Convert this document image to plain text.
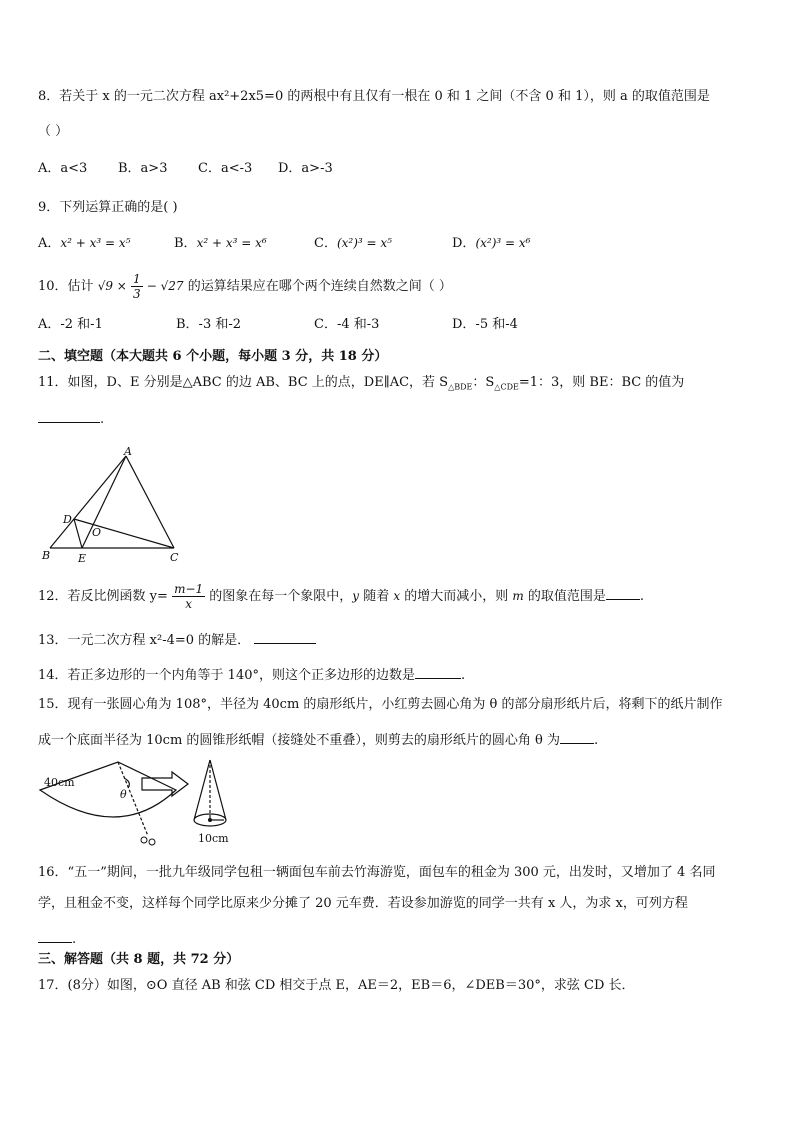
8．若关于 x 的一元二次方程 ax²+2x5=0 的两根中有且仅有一根在 0 和 1 之间（不含 0 和 1），则 a 的取值范围是
（ ）
A．a<3 B．a>3 C．a<-3 D．a>-3
9．下列运算正确的是( )
A．x² + x³ = x⁵	B．x² + x³ = x⁶	C．(x²)³ = x⁵	D．(x²)³ = x⁶
10．估计 $√9 \times \frac{1}{3} - √27$ 的运算结果应在哪个两个连续自然数之间（ ）
A．-2 和-1	B．-3 和-2	C．-4 和-3	D．-5 和-4
二、填空题（本大题共 6 个小题，每小题 3 分，共 18 分）
11．如图，D、E 分别是△ABC 的边 AB、BC 上的点，DE∥AC，若 $S_{\triangle BDE}$：$S_{\triangle CDE}=1$：3，则 BE：BC 的值为
.
A
B	C
D
E
O
12．若反比例函数 $y= \frac{m-1}{x}$ 的图象在每一个象限中，y 随着 x 的增大而减小，则 m 的取值范围是	.
13．一元二次方程 x²-4=0 的解是．
14．若正多边形的一个内角等于 140°，则这个正多边形的边数是	.
15．现有一张圆心角为 108°，半径为 40cm 的扇形纸片，小红剪去圆心角为 θ 的部分扇形纸片后，将剩下的纸片制作
成一个底面半径为 10cm 的圆锥形纸帽（接缝处不重叠），则剪去的扇形纸片的圆心角 θ 为	.
40cm
θ
10cm
16．“五一”期间，一批九年级同学包租一辆面包车前去竹海游览，面包车的租金为 300 元，出发时，又增加了 4 名同
学，且租金不变，这样每个同学比原来少分摊了 20 元车费．若设参加游览的同学一共有 x 人，为求 x，可列方程
.
三、解答题（共 8 题，共 72 分）
17．(8分）如图，⊙O 直径 AB 和弦 CD 相交于点 E，AE＝2，EB＝6，∠DEB＝30°，求弦 CD 长．
